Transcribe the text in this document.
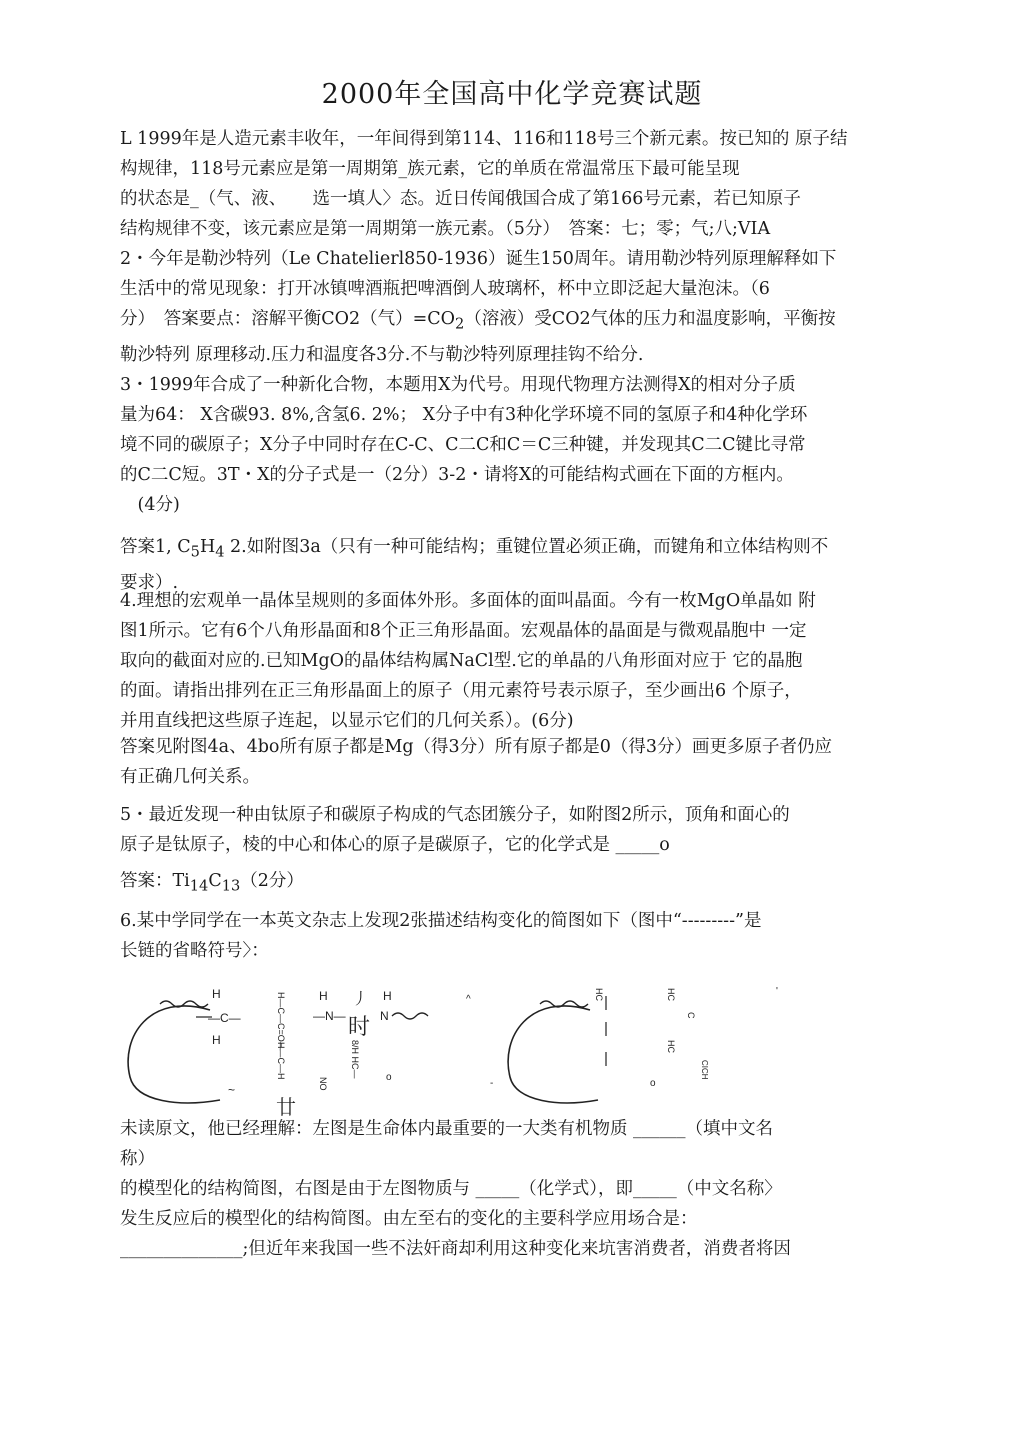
2000年全国高中化学竞赛试题

L 1999年是人造元素丰收年，一年间得到第114、116和118号三个新元素。按已知的 原子结

构规律，118号元素应是第一周期第_族元素，它的单质在常温常压下最可能呈现

的状态是_（气、液、　　选一填人〉态。近日传闻俄国合成了第166号元素，若已知原子

结构规律不变，该元素应是第一周期第一族元素。（5分）　答案：七；零；气;八;VIA

2・今年是勒沙特列（Le Chatelierl850-1936）诞生150周年。请用勒沙特列原理解释如下

生活中的常见现象：打开冰镇啤酒瓶把啤酒倒人玻璃杯，杯中立即泛起大量泡沫。（6

分）　答案要点：溶解平衡CO2（气）$=CO_2$（溶液）受CO2气体的压力和温度影响，平衡按

勒沙特列 原理移动.压力和温度各3分.不与勒沙特列原理挂钩不给分.

3・1999年合成了一种新化合物，本题用X为代号。用现代物理方法测得X的相对分子质

量为64： X含碳93. 8%,含氢6. 2%； X分子中有3种化学环境不同的氢原子和4种化学环

境不同的碳原子；X分子中同时存在C-C、C二C和C＝C三种键，并发现其C二C键比寻常

的C二C短。3T・X的分子式是一（2分）3-2・请将X的可能结构式画在下面的方框内。

　(4分)

答案1, $C_5H_4$ 2.如附图3a（只有一种可能结构；重键位置必须正确，而键角和立体结构则不

要求）.

4.理想的宏观单一晶体呈规则的多面体外形。多面体的面叫晶面。今有一枚MgO单晶如 附

图1所示。它有6个八角形晶面和8个正三角形晶面。宏观晶体的晶面是与微观晶胞中 一定

取向的截面对应的.已知MgO的晶体结构属NaCl型.它的单晶的八角形面对应于 它的晶胞

的面。请指出排列在正三角形晶面上的原子（用元素符号表示原子，至少画出6 个原子，

并用直线把这些原子连起，以显示它们的几何关系）。(6分)

答案见附图4a、4bo所有原子都是Mg（得3分）所有原子都是0（得3分）画更多原子者仍应

有正确几何关系。

5・最近发现一种由钛原子和碳原子构成的气态团簇分子，如附图2所示，顶角和面心的

原子是钛原子，棱的中心和体心的原子是碳原子，它的化学式是 _____o

答案：$Ti_{14}C_{13}(2$分）

6.某中学同学在一本英文杂志上发现2张描述结构变化的简图如下（图中“---------”是

长链的省略符号〉：

H
—C—
H
~
H—C—C=O—
H—C—H
H
—N— 时
丿 H
N
8/H HC—
NO
廿
o
-
HC	HC
C
HC
CICH
o
'
^

未读原文，他已经理解：左图是生命体内最重要的一大类有机物质 ______（填中文名

称）

的模型化的结构简图，右图是由于左图物质与 _____（化学式），即_____（中文名称〉

发生反应后的模型化的结构简图。由左至右的变化的主要科学应用场合是：

______________;但近年来我国一些不法奸商却利用这种变化来坑害消费者，消费者将因
